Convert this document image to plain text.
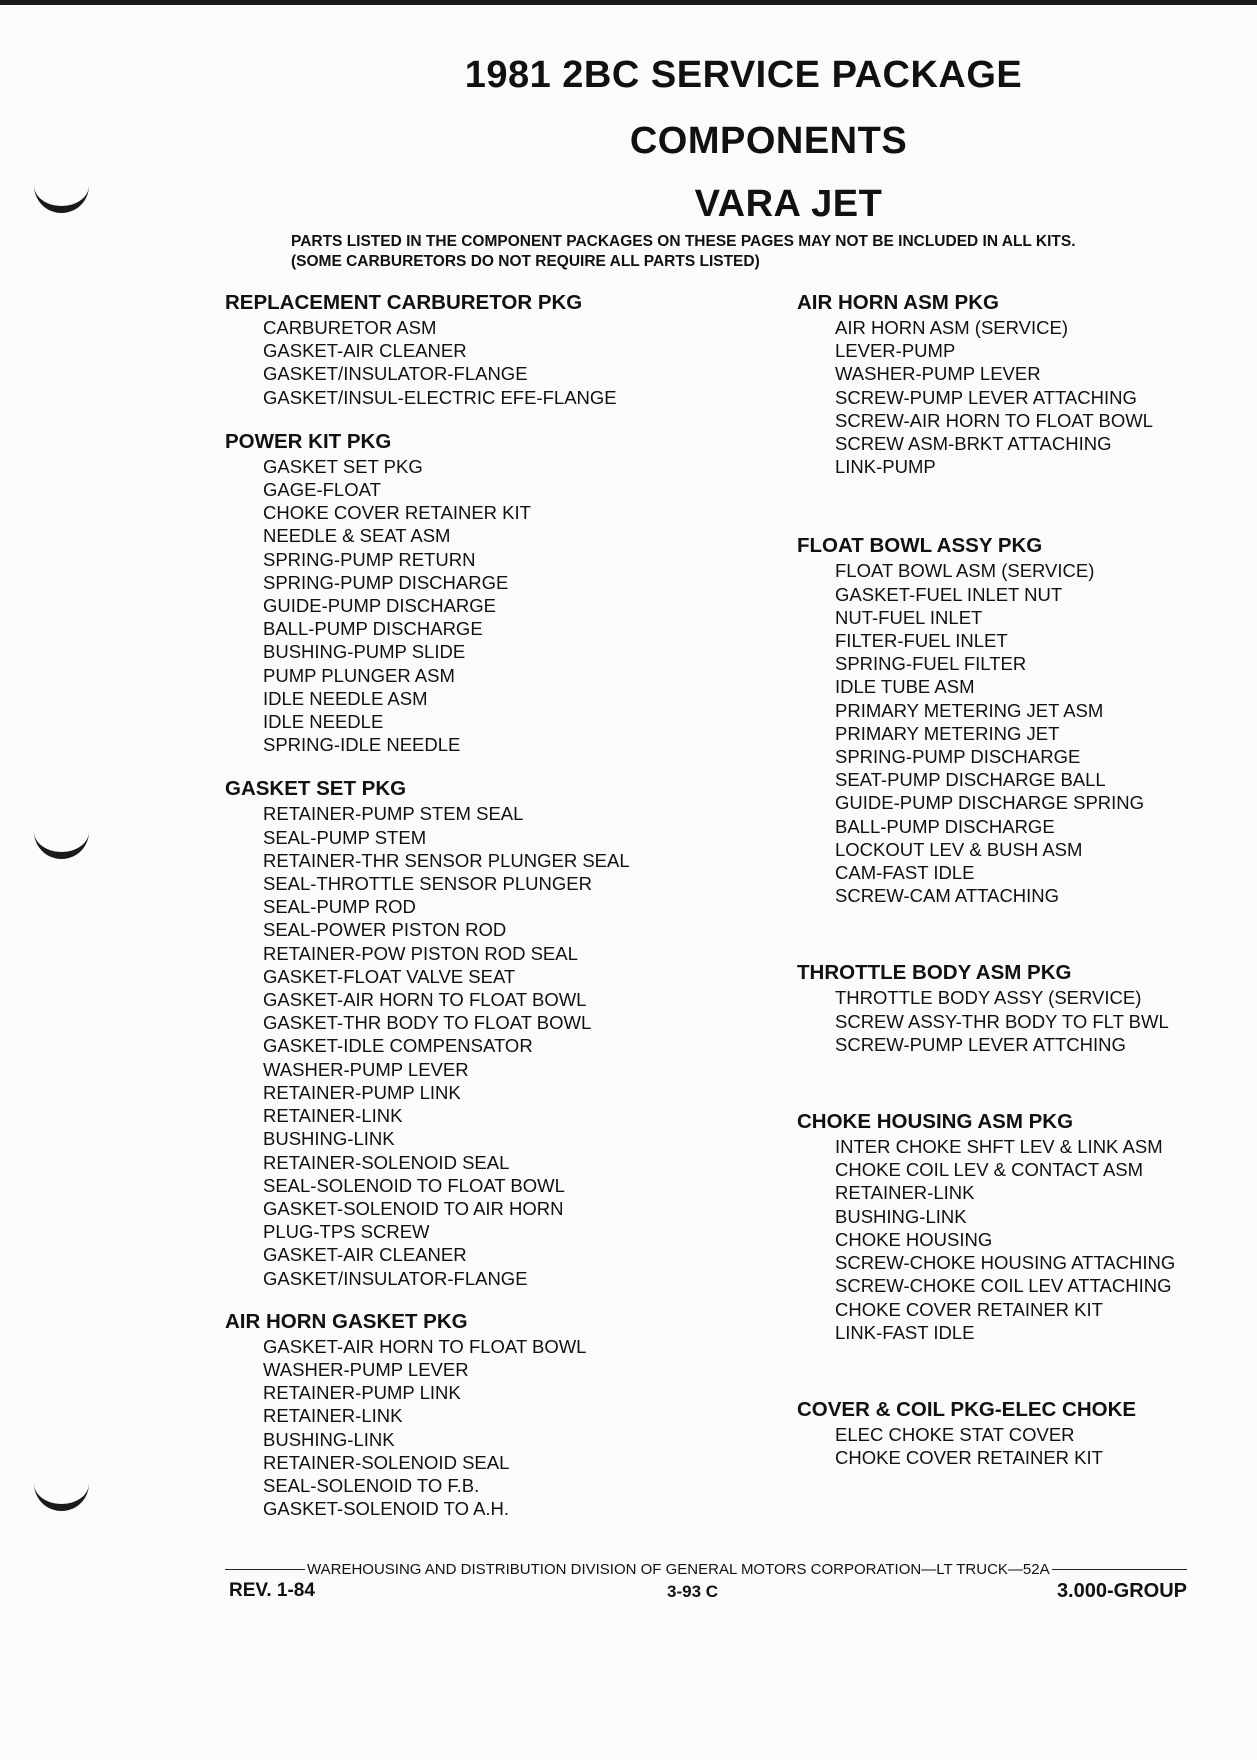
1981 2BC SERVICE PACKAGE
COMPONENTS
VARA JET
PARTS LISTED IN THE COMPONENT PACKAGES ON THESE PAGES MAY NOT BE INCLUDED IN ALL KITS.
(SOME CARBURETORS DO NOT REQUIRE ALL PARTS LISTED)
REPLACEMENT CARBURETOR PKG
CARBURETOR ASM
GASKET-AIR CLEANER
GASKET/INSULATOR-FLANGE
GASKET/INSUL-ELECTRIC EFE-FLANGE
POWER KIT PKG
GASKET SET PKG
GAGE-FLOAT
CHOKE COVER RETAINER KIT
NEEDLE & SEAT ASM
SPRING-PUMP RETURN
SPRING-PUMP DISCHARGE
GUIDE-PUMP DISCHARGE
BALL-PUMP DISCHARGE
BUSHING-PUMP SLIDE
PUMP PLUNGER ASM
IDLE NEEDLE ASM
IDLE NEEDLE
SPRING-IDLE NEEDLE
GASKET SET PKG
RETAINER-PUMP STEM SEAL
SEAL-PUMP STEM
RETAINER-THR SENSOR PLUNGER SEAL
SEAL-THROTTLE SENSOR PLUNGER
SEAL-PUMP ROD
SEAL-POWER PISTON ROD
RETAINER-POW PISTON ROD SEAL
GASKET-FLOAT VALVE SEAT
GASKET-AIR HORN TO FLOAT BOWL
GASKET-THR BODY TO FLOAT BOWL
GASKET-IDLE COMPENSATOR
WASHER-PUMP LEVER
RETAINER-PUMP LINK
RETAINER-LINK
BUSHING-LINK
RETAINER-SOLENOID SEAL
SEAL-SOLENOID TO FLOAT BOWL
GASKET-SOLENOID TO AIR HORN
PLUG-TPS SCREW
GASKET-AIR CLEANER
GASKET/INSULATOR-FLANGE
AIR HORN GASKET PKG
GASKET-AIR HORN TO FLOAT BOWL
WASHER-PUMP LEVER
RETAINER-PUMP LINK
RETAINER-LINK
BUSHING-LINK
RETAINER-SOLENOID SEAL
SEAL-SOLENOID TO F.B.
GASKET-SOLENOID TO A.H.
AIR HORN ASM PKG
AIR HORN ASM (SERVICE)
LEVER-PUMP
WASHER-PUMP LEVER
SCREW-PUMP LEVER ATTACHING
SCREW-AIR HORN TO FLOAT BOWL
SCREW ASM-BRKT ATTACHING
LINK-PUMP
FLOAT BOWL ASSY PKG
FLOAT BOWL ASM (SERVICE)
GASKET-FUEL INLET NUT
NUT-FUEL INLET
FILTER-FUEL INLET
SPRING-FUEL FILTER
IDLE TUBE ASM
PRIMARY METERING JET ASM
PRIMARY METERING JET
SPRING-PUMP DISCHARGE
SEAT-PUMP DISCHARGE BALL
GUIDE-PUMP DISCHARGE SPRING
BALL-PUMP DISCHARGE
LOCKOUT LEV & BUSH ASM
CAM-FAST IDLE
SCREW-CAM ATTACHING
THROTTLE BODY ASM PKG
THROTTLE BODY ASSY (SERVICE)
SCREW ASSY-THR BODY TO FLT BWL
SCREW-PUMP LEVER ATTCHING
CHOKE HOUSING ASM PKG
INTER CHOKE SHFT LEV & LINK ASM
CHOKE COIL LEV & CONTACT ASM
RETAINER-LINK
BUSHING-LINK
CHOKE HOUSING
SCREW-CHOKE HOUSING ATTACHING
SCREW-CHOKE COIL LEV ATTACHING
CHOKE COVER RETAINER KIT
LINK-FAST IDLE
COVER & COIL PKG-ELEC CHOKE
ELEC CHOKE STAT COVER
CHOKE COVER RETAINER KIT
WAREHOUSING AND DISTRIBUTION DIVISION OF GENERAL MOTORS CORPORATION—LT TRUCK—52A
REV. 1-84	3-93 C	3.000-GROUP
